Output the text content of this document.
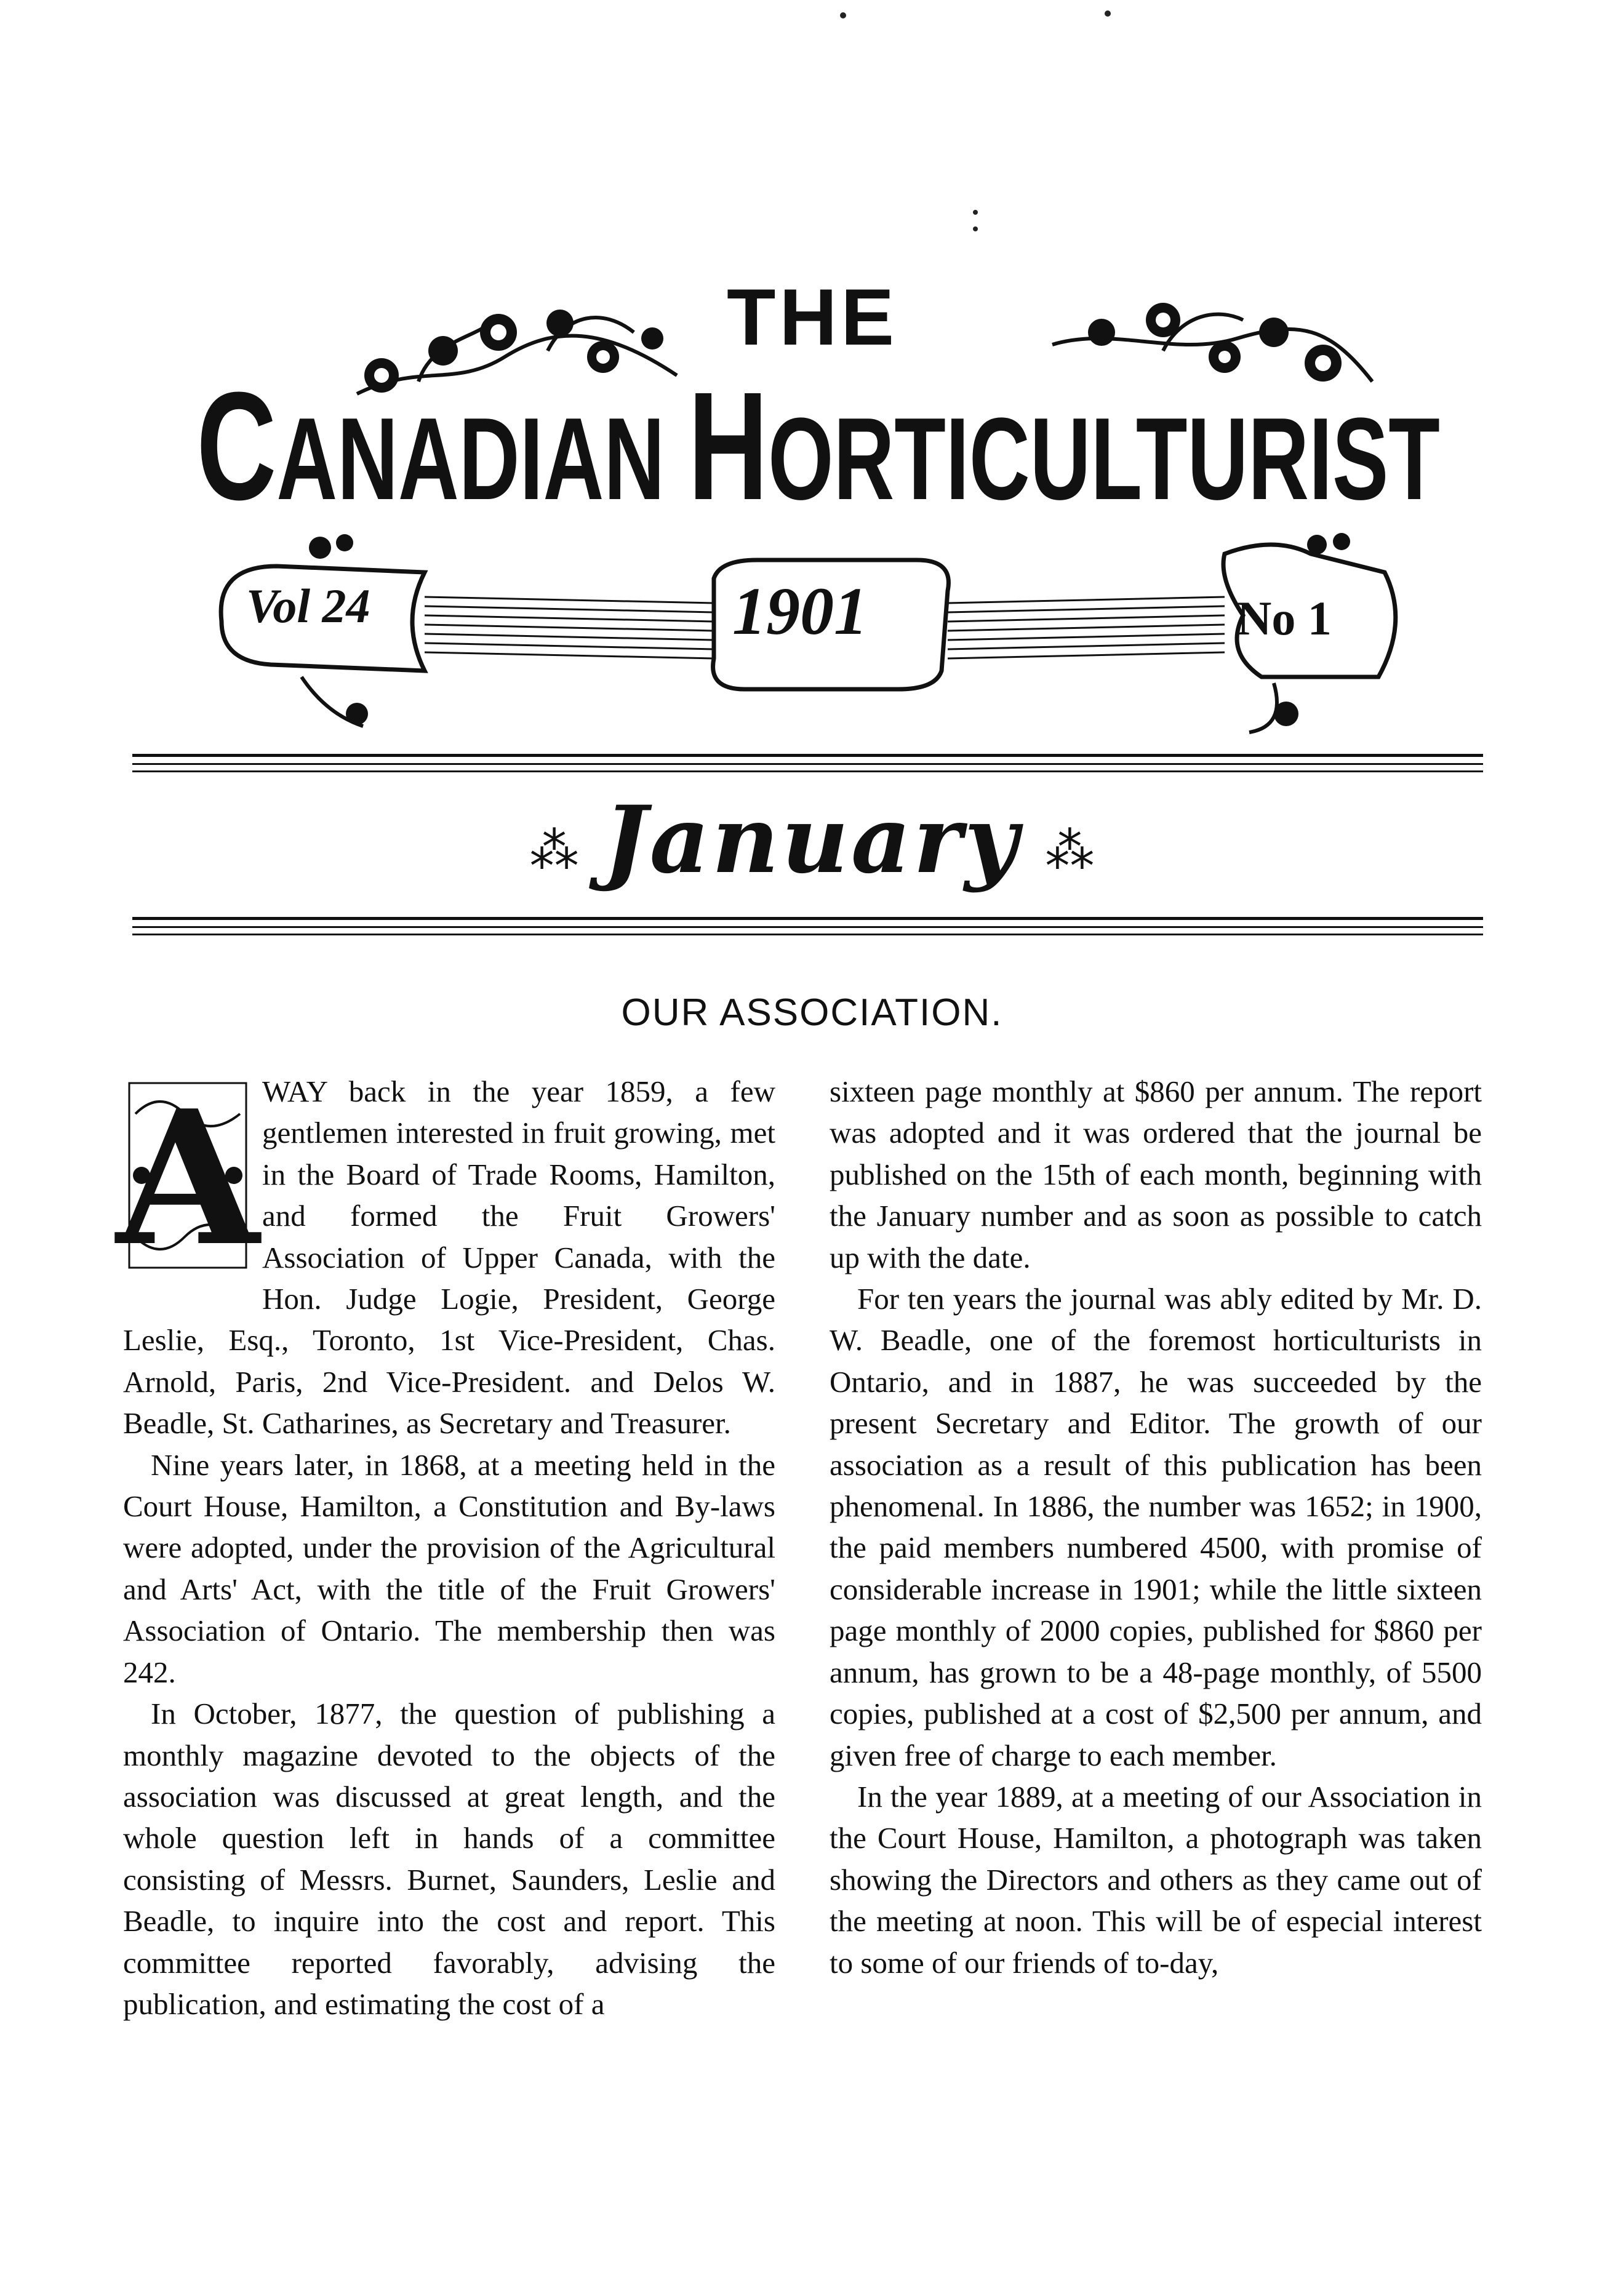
THE
CANADIAN HORTICULTURIST
Vol 24	1901	No 1
⁂ January ⁂
OUR ASSOCIATION.
A WAY back in the year 1859, a few gentlemen interested in fruit growing, met in the Board of Trade Rooms, Hamilton, and formed the Fruit Growers' Association of Upper Canada, with the Hon. Judge Logie, President, George Leslie, Esq., Toronto, 1st Vice-President, Chas. Arnold, Paris, 2nd Vice-President. and Delos W. Beadle, St. Catharines, as Secretary and Treasurer.

Nine years later, in 1868, at a meeting held in the Court House, Hamilton, a Constitution and By-laws were adopted, under the provision of the Agricultural and Arts' Act, with the title of the Fruit Growers' Association of Ontario. The membership then was 242.

In October, 1877, the question of publishing a monthly magazine devoted to the objects of the association was discussed at great length, and the whole question left in hands of a committee consisting of Messrs. Burnet, Saunders, Leslie and Beadle, to inquire into the cost and report. This committee reported favorably, advising the publication, and estimating the cost of a

sixteen page monthly at $860 per annum. The report was adopted and it was ordered that the journal be published on the 15th of each month, beginning with the January number and as soon as possible to catch up with the date.

For ten years the journal was ably edited by Mr. D. W. Beadle, one of the foremost horticulturists in Ontario, and in 1887, he was succeeded by the present Secretary and Editor. The growth of our association as a result of this publication has been phenomenal. In 1886, the number was 1652; in 1900, the paid members numbered 4500, with promise of considerable increase in 1901; while the little sixteen page monthly of 2000 copies, published for $860 per annum, has grown to be a 48-page monthly, of 5500 copies, published at a cost of $2,500 per annum, and given free of charge to each member.

In the year 1889, at a meeting of our Association in the Court House, Hamilton, a photograph was taken showing the Directors and others as they came out of the meeting at noon. This will be of especial interest to some of our friends of to-day,
